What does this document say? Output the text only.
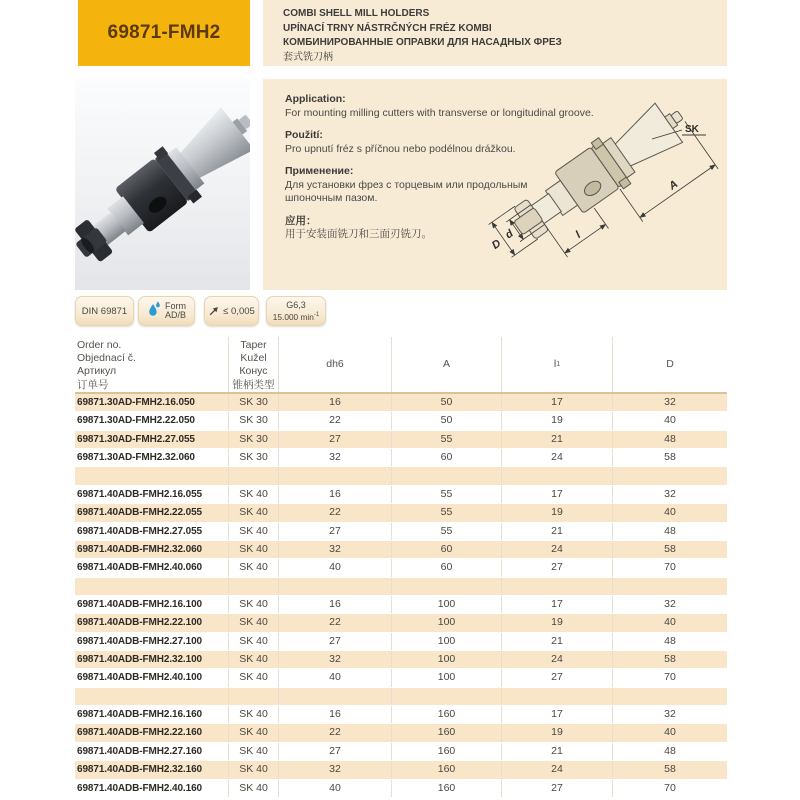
69871-FMH2
COMBI SHELL MILL HOLDERS
UPÍNACÍ TRNY NÁSTRČNÝCH FRÉZ KOMBI
КОМБИНИРОВАННЫЕ ОПРАВКИ ДЛЯ НАСАДНЫХ ФРЕЗ
套式铣刀柄
Application:
For mounting milling cutters with transverse or longitudinal groove.
Použití:
Pro upnutí fréz s příčnou nebo podélnou drážkou.
Применение:
Для установки фрез с торцевым или продольным
шпоночным пазом.
应用：
用于安装面铣刀和三面刃铣刀。	l
A
d
D
SK
DIN 69871	Form
AD/B	≤ 0,005
G6,3
15.000 $\min^{-1}$
Order no.
Objednací č.
Артикул
订单号
Taper
Kužel
Конус
锥柄类型
dh6	A	l 1	D
69871.30AD-FMH2.16.050	SK 30	16	50	17	32
69871.30AD-FMH2.22.050	SK 30	22	50	19	40
69871.30AD-FMH2.27.055	SK 30	27	55	21	48
69871.30AD-FMH2.32.060	SK 30	32	60	24	58
69871.40ADB-FMH2.16.055	SK 40	16	55	17	32
69871.40ADB-FMH2.22.055	SK 40	22	55	19	40
69871.40ADB-FMH2.27.055	SK 40	27	55	21	48
69871.40ADB-FMH2.32.060	SK 40	32	60	24	58
69871.40ADB-FMH2.40.060	SK 40	40	60	27	70
69871.40ADB-FMH2.16.100	SK 40	16	100	17	32
69871.40ADB-FMH2.22.100	SK 40	22	100	19	40
69871.40ADB-FMH2.27.100	SK 40	27	100	21	48
69871.40ADB-FMH2.32.100	SK 40	32	100	24	58
69871.40ADB-FMH2.40.100	SK 40	40	100	27	70
69871.40ADB-FMH2.16.160	SK 40	16	160	17	32
69871.40ADB-FMH2.22.160	SK 40	22	160	19	40
69871.40ADB-FMH2.27.160	SK 40	27	160	21	48
69871.40ADB-FMH2.32.160	SK 40	32	160	24	58
69871.40ADB-FMH2.40.160	SK 40	40	160	27	70
